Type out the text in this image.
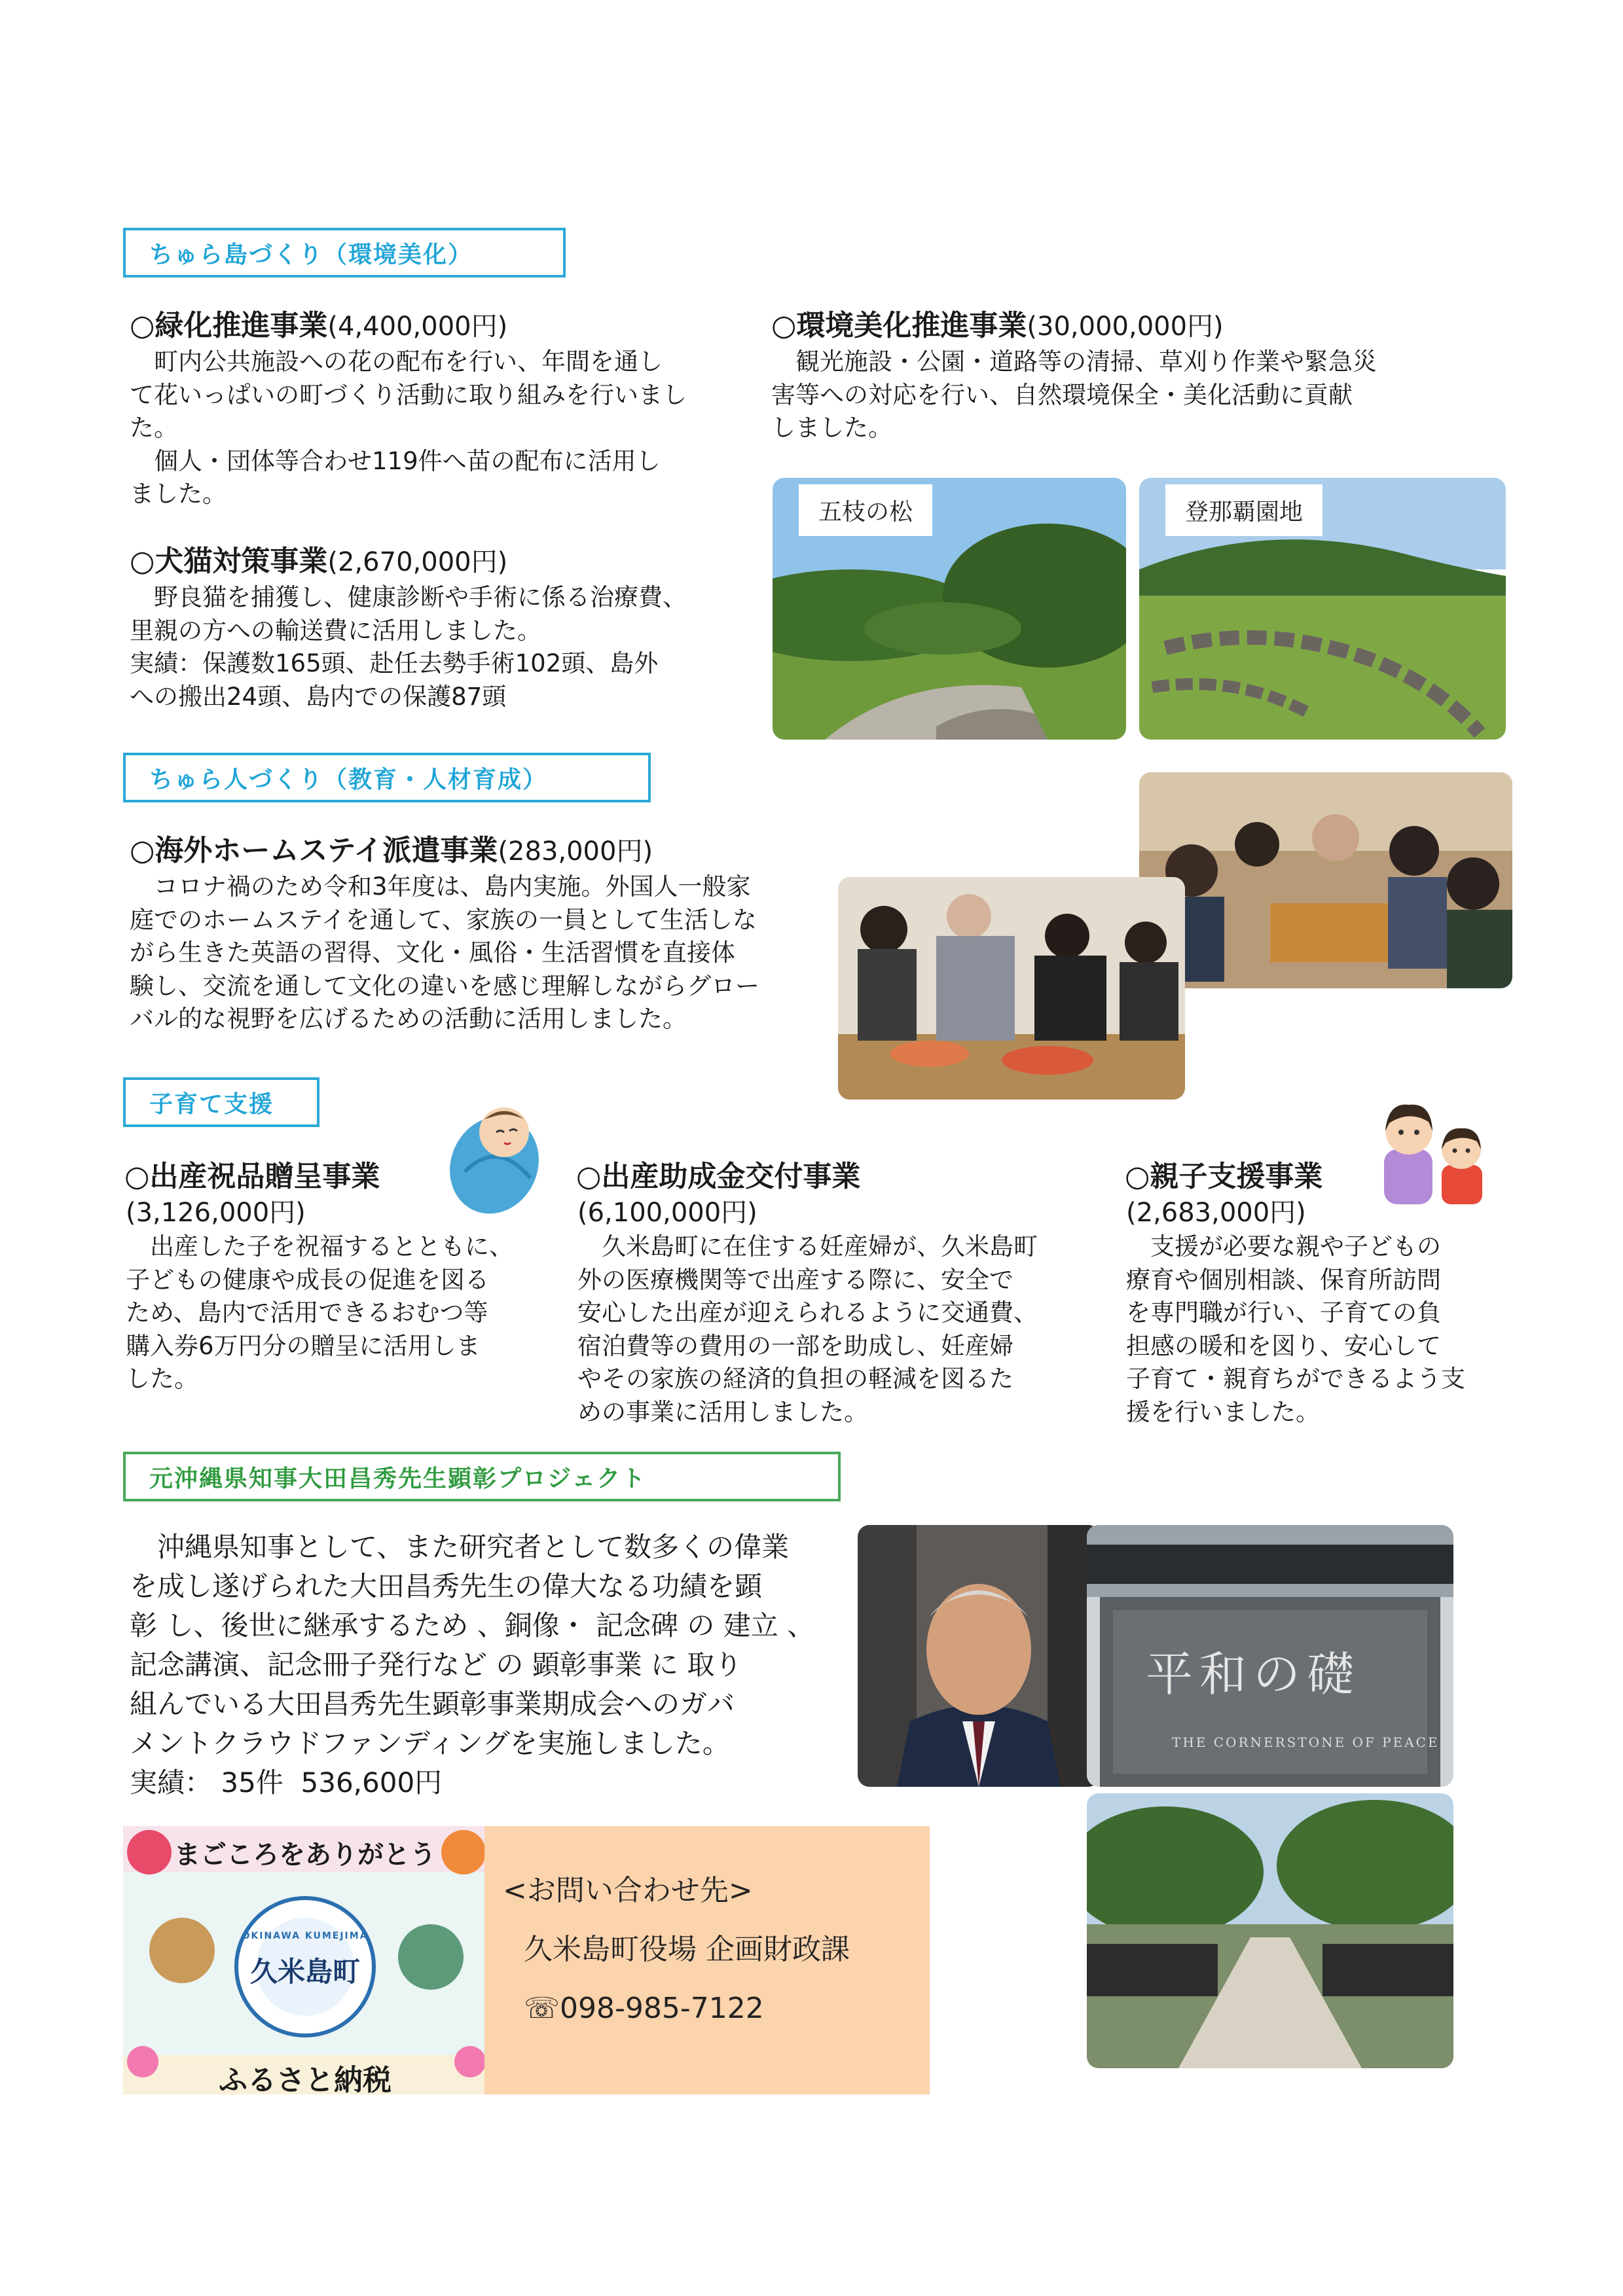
ちゅら島づくり（環境美化）
○緑化推進事業(4,400,000円)
　町内公共施設への花の配布を行い、年間を通し
て花いっぱいの町づくり活動に取り組みを行いまし
た。
　個人・団体等合わせ119件へ苗の配布に活用し
ました。
○犬猫対策事業(2,670,000円)
　野良猫を捕獲し、健康診断や手術に係る治療費、
里親の方への輸送費に活用しました。
実績：保護数165頭、赴任去勢手術102頭、島外
への搬出24頭、島内での保護87頭
○環境美化推進事業(30,000,000円)
　観光施設・公園・道路等の清掃、草刈り作業や緊急災
害等への対応を行い、自然環境保全・美化活動に貢献
しました。
五枝の松	登那覇園地
ちゅら人づくり（教育・人材育成）
○海外ホームステイ派遣事業(283,000円)
　コロナ禍のため令和3年度は、島内実施。外国人一般家
庭でのホームステイを通して、家族の一員として生活しな
がら生きた英語の習得、文化・風俗・生活習慣を直接体
験し、交流を通して文化の違いを感じ理解しながらグロー
バル的な視野を広げるための活動に活用しました。
子育て支援
○出産祝品贈呈事業
(3,126,000円)
　出産した子を祝福するとともに、
子どもの健康や成長の促進を図る
ため、島内で活用できるおむつ等
購入券6万円分の贈呈に活用しま
した。
○出産助成金交付事業
(6,100,000円)
　久米島町に在住する妊産婦が、久米島町
外の医療機関等で出産する際に、安全で
安心した出産が迎えられるように交通費、
宿泊費等の費用の一部を助成し、妊産婦
やその家族の経済的負担の軽減を図るた
めの事業に活用しました。
○親子支援事業
(2,683,000円)
　支援が必要な親や子どもの
療育や個別相談、保育所訪問
を専門職が行い、子育ての負
担感の暖和を図り、安心して
子育て・親育ちができるよう支
援を行いました。
元沖縄県知事大田昌秀先生顕彰プロジェクト
　沖縄県知事として、また研究者として数多くの偉業
を成し遂げられた大田昌秀先生の偉大なる功績を顕
彰 し、後世に継承するため 、銅像・ 記念碑 の 建立 、
記念講演、記念冊子発行など の 顕彰事業 に 取り
組んでいる大田昌秀先生顕彰事業期成会へのガバ
メントクラウドファンディングを実施しました。
実績： 35件  536,600円
平和の礎
THE CORNERSTONE OF PEACE
まごころをありがとう
OKINAWA KUMEJIMA
久米島町
ふるさと納税
<お問い合わせ先>
久米島町役場 企画財政課
☏098-985-7122
